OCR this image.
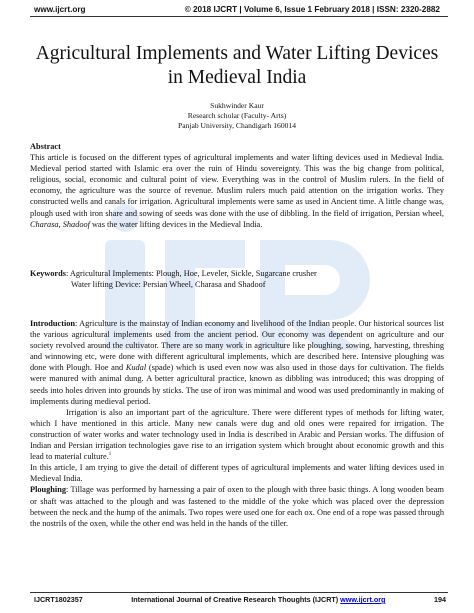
www.ijcrt.org	© 2018 IJCRT | Volume 6, Issue 1 February 2018 | ISSN: 2320-2882
Agricultural Implements and Water Lifting Devices in Medieval India
Sukhwinder Kaur
Research scholar (Faculty- Arts)
Panjab University, Chandigarh 160014
Abstract

This article is focused on the different types of agricultural implements and water lifting devices used in Medieval India. Medieval period started with Islamic era over the ruin of Hindu sovereignty. This was the big change from political, religious, social, economic and cultural point of view. Everything was in the control of Muslim rulers. In the field of economy, the agriculture was the source of revenue. Muslim rulers much paid attention on the irrigation works. They constructed wells and canals for irrigation. Agricultural implements were same as used in Ancient time. A little change was, plough used with iron share and sowing of seeds was done with the use of dibbling. In the field of irrigation, Persian wheel, Charasa, Shadoof was the water lifting devices in the Medieval India.

Keywords: Agricultural Implements: Plough, Hoe, Leveler, Sickle, Sugarcane crusher
Water lifting Device: Persian Wheel, Charasa and Shadoof

Introduction: Agriculture is the mainstay of Indian economy and livelihood of the Indian people. Our historical sources list the various agricultural implements used from the ancient period. Our economy was dependent on agriculture and our society revolved around the cultivator. There are so many work in agriculture like ploughing, sowing, harvesting, threshing and winnowing etc, were done with different agricultural implements, which are described here. Intensive ploughing was done with Plough. Hoe and Kudal (spade) which is used even now was also used in those days for cultivation. The fields were manured with animal dung. A better agricultural practice, known as dibbling was introduced; this was dropping of seeds into holes driven into grounds by sticks. The use of iron was minimal and wood was used predominantly in making of implements during medieval period.

Irrigation is also an important part of the agriculture. There were different types of methods for lifting water, which I have mentioned in this article. Many new canals were dug and old ones were repaired for irrigation. The construction of water works and water technology used in India is described in Arabic and Persian works. The diffusion of Indian and Persian irrigation technologies gave rise to an irrigation system which brought about economic growth and this lead to material culture.$^1$

In this article, I am trying to give the detail of different types of agricultural implements and water lifting devices used in Medieval India.

Ploughing: Tillage was performed by harnessing a pair of oxen to the plough with three basic things. A long wooden beam or shaft was attached to the plough and was fastened to the middle of the yoke which was placed over the depression between the neck and the hump of the animals. Two ropes were used one for each ox. One end of a rope was passed through the nostrils of the oxen, while the other end was held in the hands of the tiller.

IJCRT1802357	International Journal of Creative Research Thoughts (IJCRT) www.ijcrt.org	194
